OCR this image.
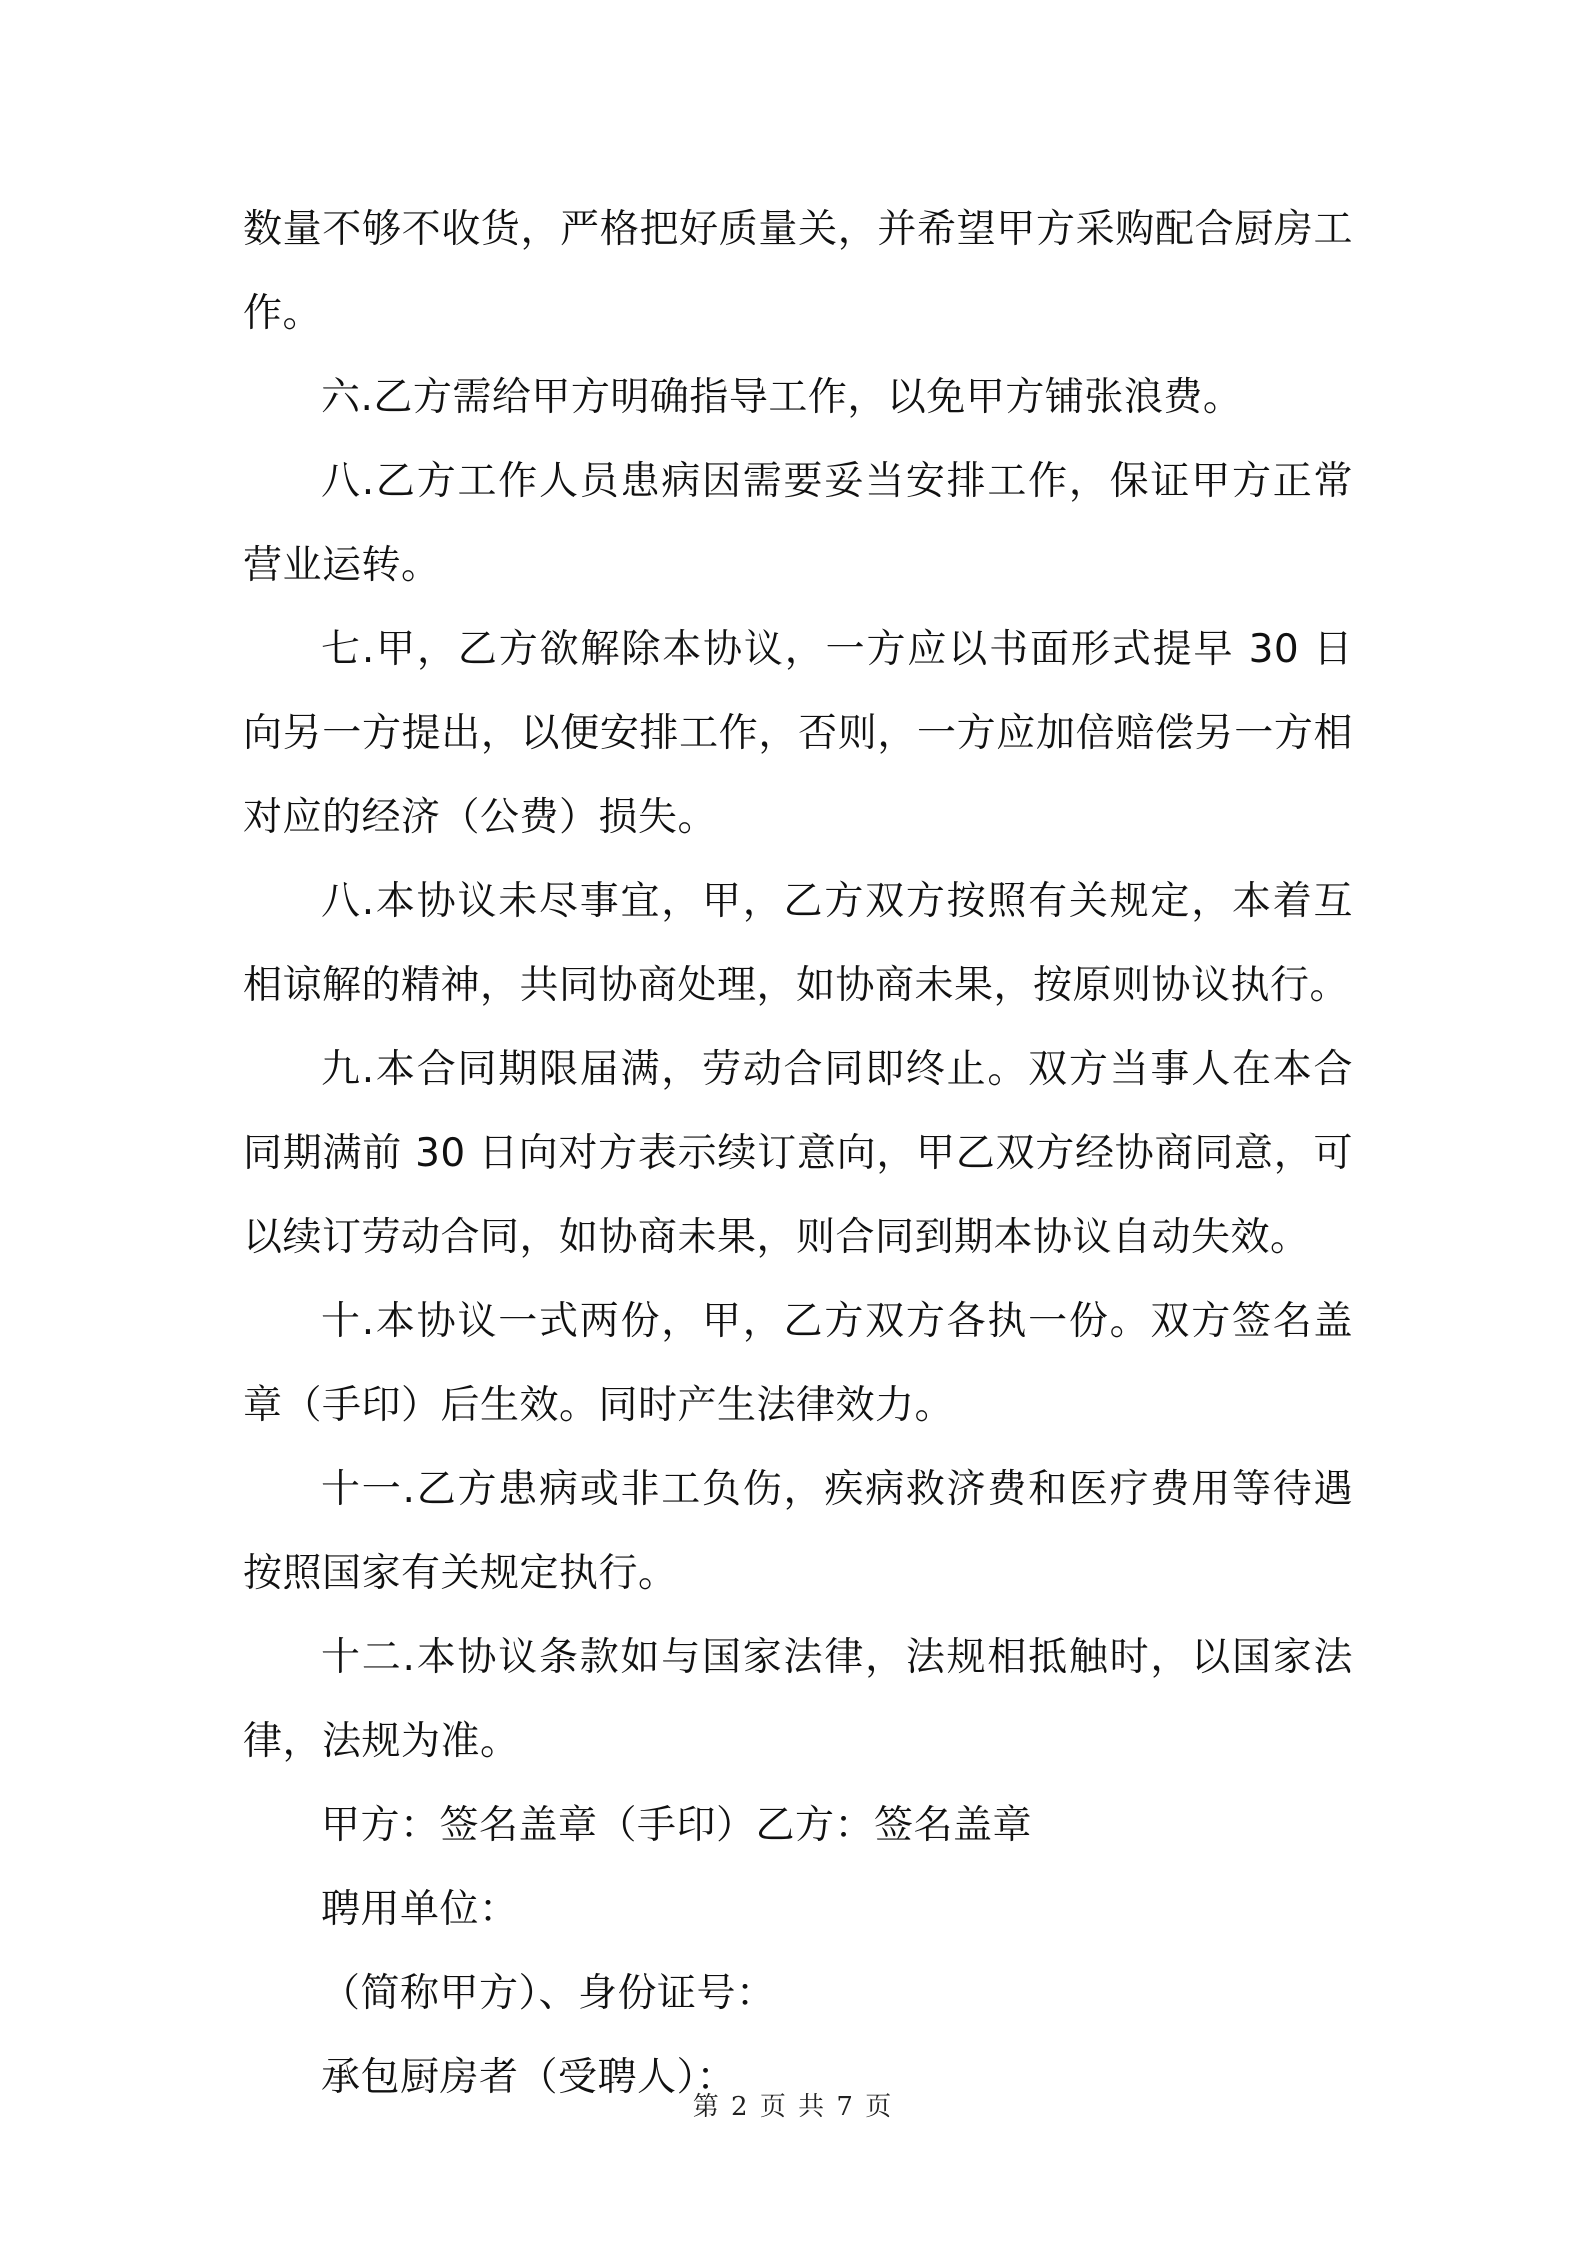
数量不够不收货，严格把好质量关，并希望甲方采购配合厨房工作。

六.乙方需给甲方明确指导工作，以免甲方铺张浪费。

八.乙方工作人员患病因需要妥当安排工作，保证甲方正常营业运转。

七.甲，乙方欲解除本协议，一方应以书面形式提早 30 日向另一方提出，以便安排工作，否则，一方应加倍赔偿另一方相对应的经济（公费）损失。

八.本协议未尽事宜，甲，乙方双方按照有关规定，本着互相谅解的精神，共同协商处理，如协商未果，按原则协议执行。

九.本合同期限届满，劳动合同即终止。双方当事人在本合同期满前 30 日向对方表示续订意向，甲乙双方经协商同意，可以续订劳动合同，如协商未果，则合同到期本协议自动失效。

十.本协议一式两份，甲，乙方双方各执一份。双方签名盖章（手印）后生效。同时产生法律效力。

十一.乙方患病或非工负伤，疾病救济费和医疗费用等待遇按照国家有关规定执行。

十二.本协议条款如与国家法律，法规相抵触时，以国家法律，法规为准。

甲方：签名盖章（手印）乙方：签名盖章

聘用单位：

（简称甲方）、身份证号：

承包厨房者（受聘人）：

第 2 页 共 7 页
